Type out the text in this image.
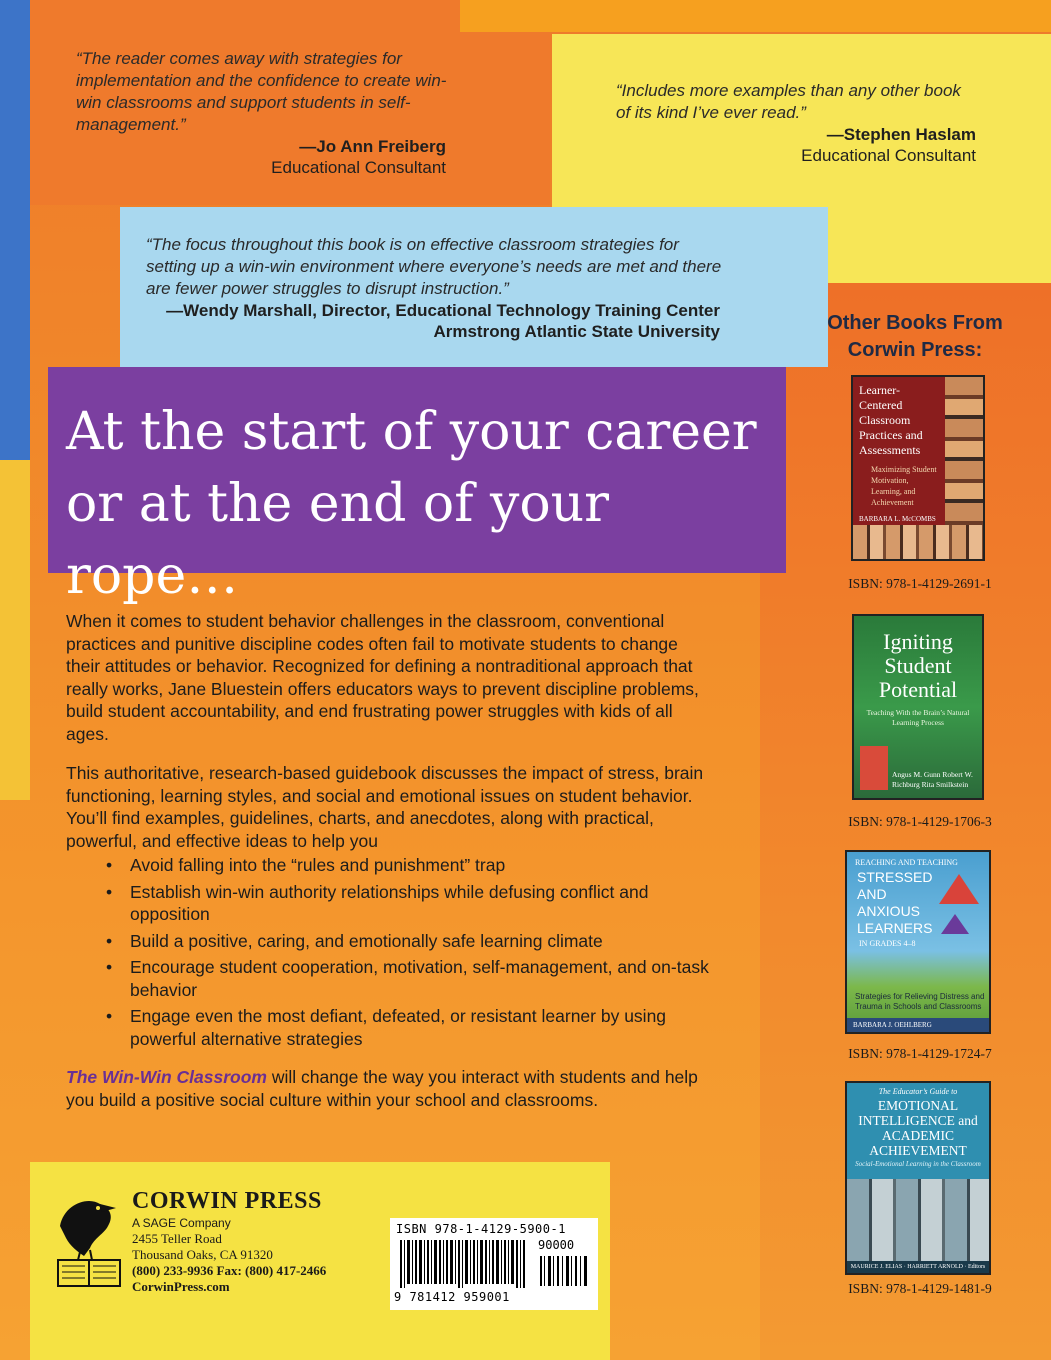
“The reader comes away with strategies for implementation and the confidence to create win-win classrooms and support students in self-management.”
—Jo Ann Freiberg
Educational Consultant
“Includes more examples than any other book of its kind I’ve ever read.”
—Stephen Haslam
Educational Consultant
“The focus throughout this book is on effective classroom strategies for setting up a win-win environment where everyone’s needs are met and there are fewer power struggles to disrupt instruction.”
—Wendy Marshall, Director, Educational Technology Training Center
Armstrong Atlantic State University
At the start of your career
or at the end of your rope…

When it comes to student behavior challenges in the classroom, conventional practices and punitive discipline codes often fail to motivate students to change their attitudes or behavior. Recognized for defining a nontraditional approach that really works, Jane Bluestein offers educators ways to prevent discipline problems, build student accountability, and end frustrating power struggles with kids of all ages.

This authoritative, research-based guidebook discusses the impact of stress, brain functioning, learning styles, and social and emotional issues on student behavior. You’ll find examples, guidelines, charts, and anecdotes, along with practical, powerful, and effective ideas to help you

• Avoid falling into the “rules and punishment” trap
• Establish win-win authority relationships while defusing conflict and opposition
• Build a positive, caring, and emotionally safe learning climate
• Encourage student cooperation, motivation, self-management, and on-task behavior
• Engage even the most defiant, defeated, or resistant learner by using powerful alternative strategies

The Win-Win Classroom will change the way you interact with students and help you build a positive social culture within your school and classrooms.

Other Books From
Corwin Press:
Learner-Centered Classroom Practices and Assessments
Maximizing Student Motivation, Learning, and Achievement
BARBARA L. McCOMBS
ISBN: 978-1-4129-2691-1
Igniting Student Potential
Teaching With the Brain’s Natural Learning Process
Angus M. Gunn Robert W. Richburg Rita Smilkstein
ISBN: 978-1-4129-1706-3
REACHING AND TEACHING
STRESSED AND ANXIOUS LEARNERS
IN GRADES 4–8
Strategies for Relieving Distress and Trauma in Schools and Classrooms
BARBARA J. OEHLBERG
ISBN: 978-1-4129-1724-7
The Educator’s Guide to
EMOTIONAL INTELLIGENCE and ACADEMIC ACHIEVEMENT
Social-Emotional Learning in the Classroom
MAURICE J. ELIAS · HARRIETT ARNOLD · Editors
ISBN: 978-1-4129-1481-9
CORWIN PRESS
A SAGE Company
2455 Teller Road
Thousand Oaks, CA 91320
(800) 233-9936 Fax: (800) 417-2466
CorwinPress.com
ISBN 978-1-4129-5900-1
90000
9 781412 959001
